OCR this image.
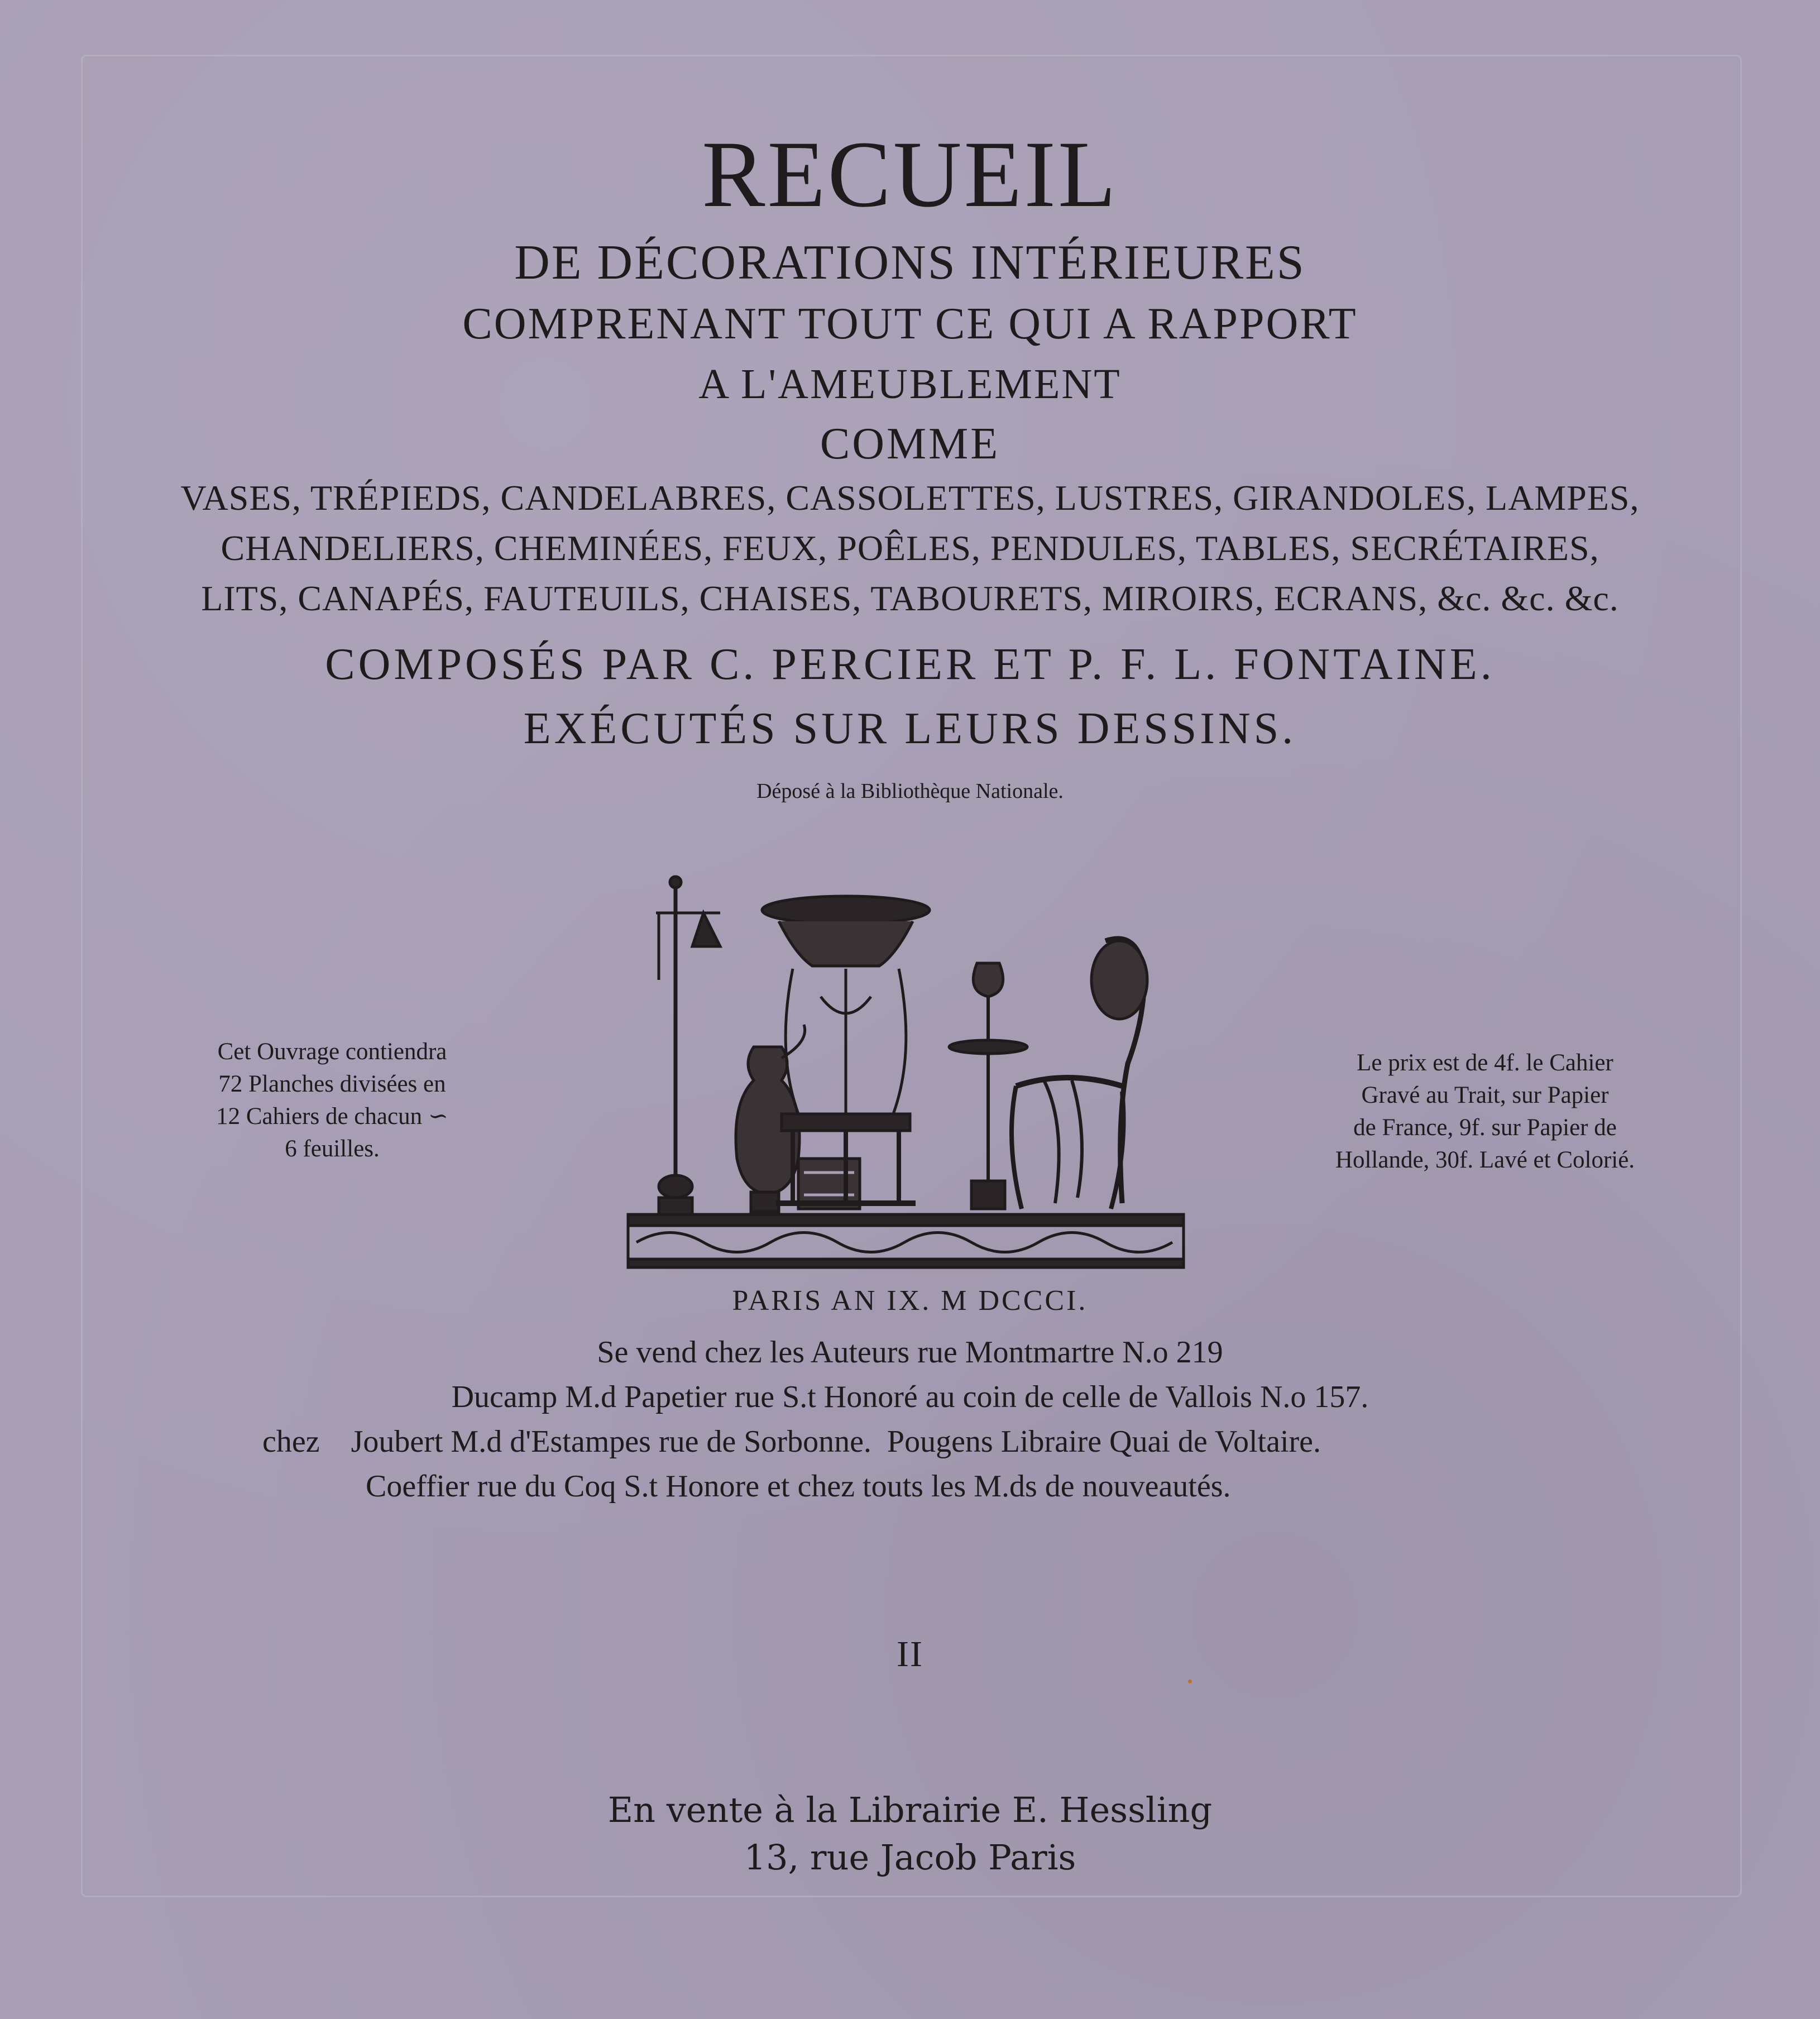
RECUEIL
DE DÉCORATIONS INTÉRIEURES
COMPRENANT TOUT CE QUI A RAPPORT
A L'AMEUBLEMENT
COMME
VASES, TRÉPIEDS, CANDELABRES, CASSOLETTES, LUSTRES, GIRANDOLES, LAMPES,
CHANDELIERS, CHEMINÉES, FEUX, POÊLES, PENDULES, TABLES, SECRÉTAIRES,
LITS, CANAPÉS, FAUTEUILS, CHAISES, TABOURETS, MIROIRS, ECRANS, &c. &c. &c.
COMPOSÉS PAR C. PERCIER ET P. F. L. FONTAINE.
EXÉCUTÉS SUR LEURS DESSINS.
Déposé à la Bibliothèque Nationale.
Cet Ouvrage contiendra
72 Planches divisées en
12 Cahiers de chacun ∽
6 feuilles.
Le prix est de 4f. le Cahier
Gravé au Trait, sur Papier
de France, 9f. sur Papier de
Hollande, 30f. Lavé et Colorié.
PARIS AN IX. M DCCCI.
Se vend chez les Auteurs rue Montmartre N.o 219
Ducamp M.d Papetier rue S.t Honoré au coin de celle de Vallois N.o 157.
chez    Joubert M.d d'Estampes rue de Sorbonne.  Pougens Libraire Quai de Voltaire.
Coeffier rue du Coq S.t Honore et chez touts les M.ds de nouveautés.
II
En vente à la Librairie E. Hessling
13, rue Jacob Paris
